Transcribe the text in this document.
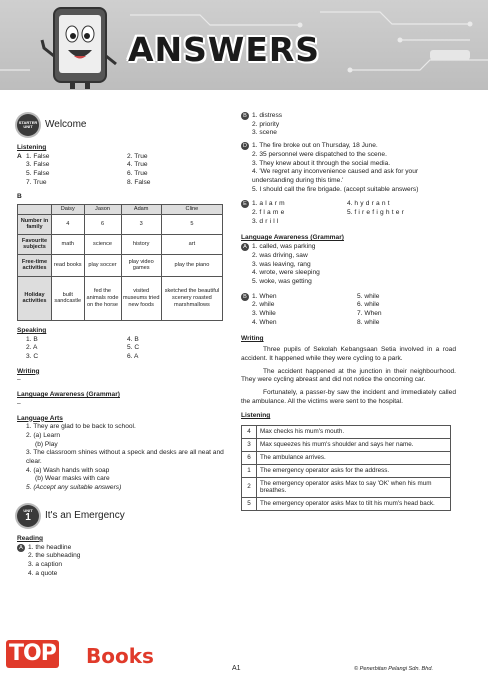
ANSWERS
STARTER
UNIT Welcome
Listening
A 1. False	2. True
3. False	4. True
5. False	6. True
7. True	8. False
B
	Daisy	Jason	Adam	Cline
Number in family	4	6	3	5
Favourite subjects	math	science	history	art
Free-time activities	read books	play soccer	play video games	play the piano
Holiday activities	built sandcastle	fed the animals rode on the horse	visited museums tried new foods	sketched the beautiful scenery roasted marshmallows
Speaking
1. B	4. B
2. A	5. C
3. C	6. A
Writing
–
Language Awareness (Grammar)
–
Language Arts
1. They are glad to be back to school.
2. (a) Learn
(b) Play
3. The classroom shines without a speck and desks are all neat and clear.
4. (a) Wash hands with soap
(b) Wear masks with care
5. (Accept any suitable answers)
UNIT
1 It's an Emergency
Reading
A 1. the headline
2. the subheading
3. a caption
4. a quote
B 1. distress
2. priority
3. scene
D 1. The fire broke out on Thursday, 18 June.
2. 35 personnel were dispatched to the scene.
3. They knew about it through the social media.
4. 'We regret any inconvenience caused and ask for your understanding during this time.'
5. I should call the fire brigade. (accept suitable answers)
E 1. alarm	4. hydrant
2. flame	5. firefighter
3. drill
Language Awareness (Grammar)
A 1. called, was parking
2. was driving, saw
3. was leaving, rang
4. wrote, were sleeping
5. woke, was getting
B 1. When	5. while
2. while	6. while
3. While	7. When
4. When	8. while
Writing
Three pupils of Sekolah Kebangsaan Setia involved in a road accident. It happened while they were cycling to a park.
The accident happened at the junction in their neighbourhood. They were cycling abreast and did not notice the oncoming car.
Fortunately, a passer-by saw the incident and immediately called the ambulance. All the victims were sent to the hospital.
Listening
4	Max checks his mum's mouth.
3	Max squeezes his mum's shoulder and says her name.
6	The ambulance arrives.
1	The emergency operator asks for the address.
2	The emergency operator asks Max to say 'OK' when his mum breathes.
5	The emergency operator asks Max to tilt his mum's head back.
TOP Books
A1	© Penerbitan Pelangi Sdn. Bhd.
